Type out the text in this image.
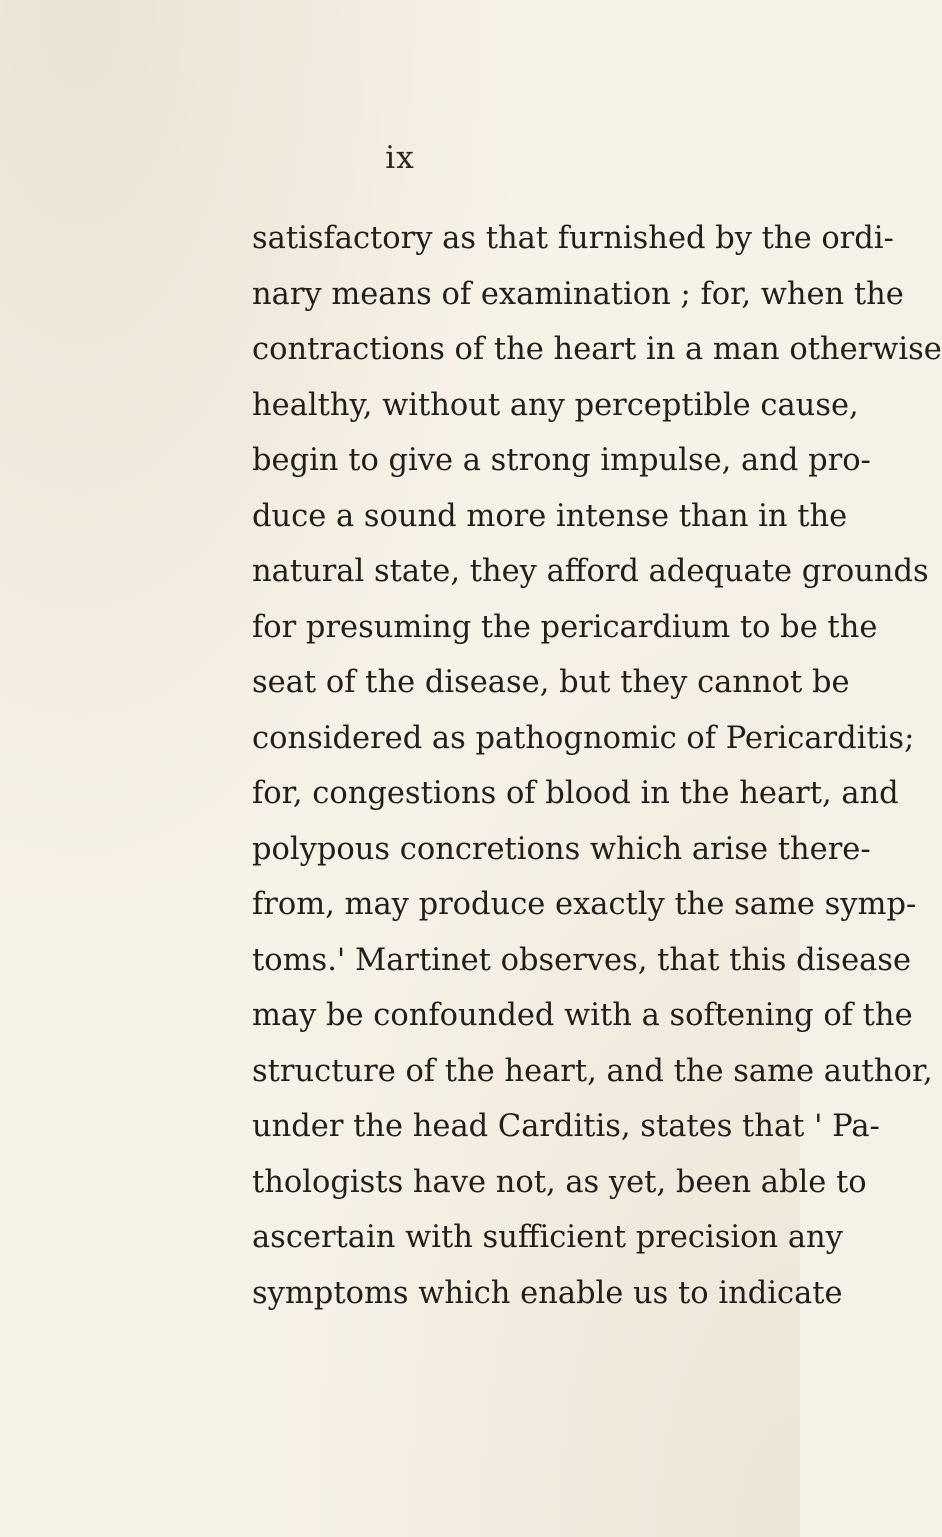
ix
satisfactory as that furnished by the ordi-
nary means of examination ; for, when the
contractions of the heart in a man otherwise
healthy, without any perceptible cause,
begin to give a strong impulse, and pro-
duce a sound more intense than in the
natural state, they afford adequate grounds
for presuming the pericardium to be the
seat of the disease, but they cannot be
considered as pathognomic of Pericarditis;
for, congestions of blood in the heart, and
polypous concretions which arise there-
from, may produce exactly the same symp-
toms.' Martinet observes, that this disease
may be confounded with a softening of the
structure of the heart, and the same author,
under the head Carditis, states that ' Pa-
thologists have not, as yet, been able to
ascertain with sufficient precision any
symptoms which enable us to indicate
